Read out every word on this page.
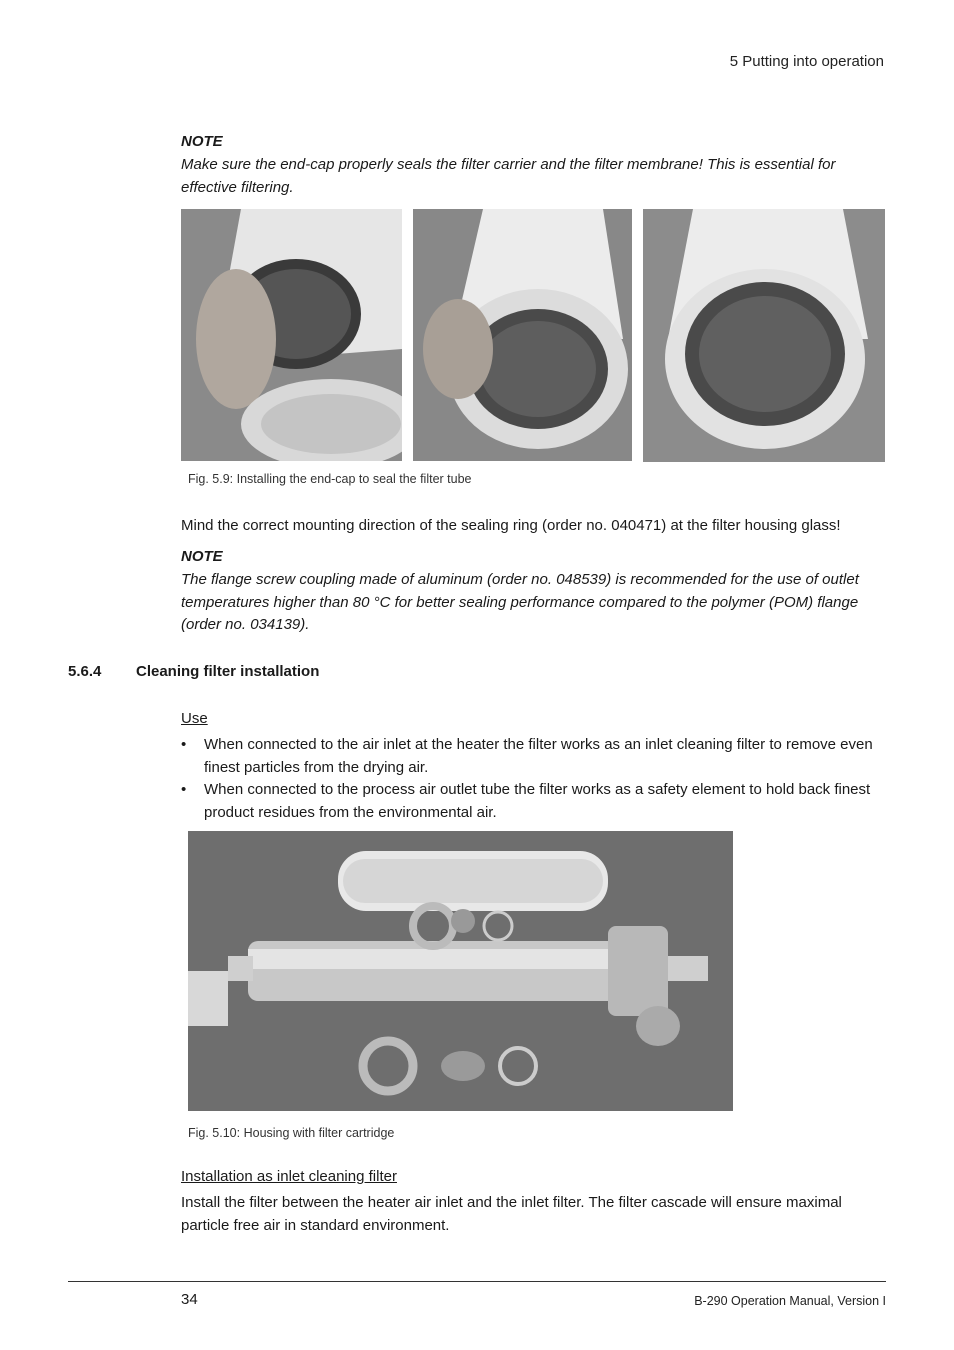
5 Putting into operation
NOTE
Make sure the end-cap properly seals the filter carrier and the filter membrane! This is essential for effective filtering.
Fig. 5.9: Installing the end-cap to seal the filter tube
Mind the correct mounting direction of the sealing ring (order no. 040471) at the filter housing glass!
NOTE
The flange screw coupling made of aluminum (order no. 048539) is recommended for the use of outlet temperatures higher than 80 °C for better sealing performance compared to the polymer (POM) flange (order no. 034139).
5.6.4 Cleaning filter installation
Use
• When connected to the air inlet at the heater the filter works as an inlet cleaning filter to remove even finest particles from the drying air.
• When connected to the process air outlet tube the filter works as a safety element to hold back finest product residues from the environmental air.
Fig. 5.10: Housing with filter cartridge
Installation as inlet cleaning filter
Install the filter between the heater air inlet and the inlet filter. The filter cascade will ensure maximal particle free air in standard environment.
34	B-290 Operation Manual, Version I
